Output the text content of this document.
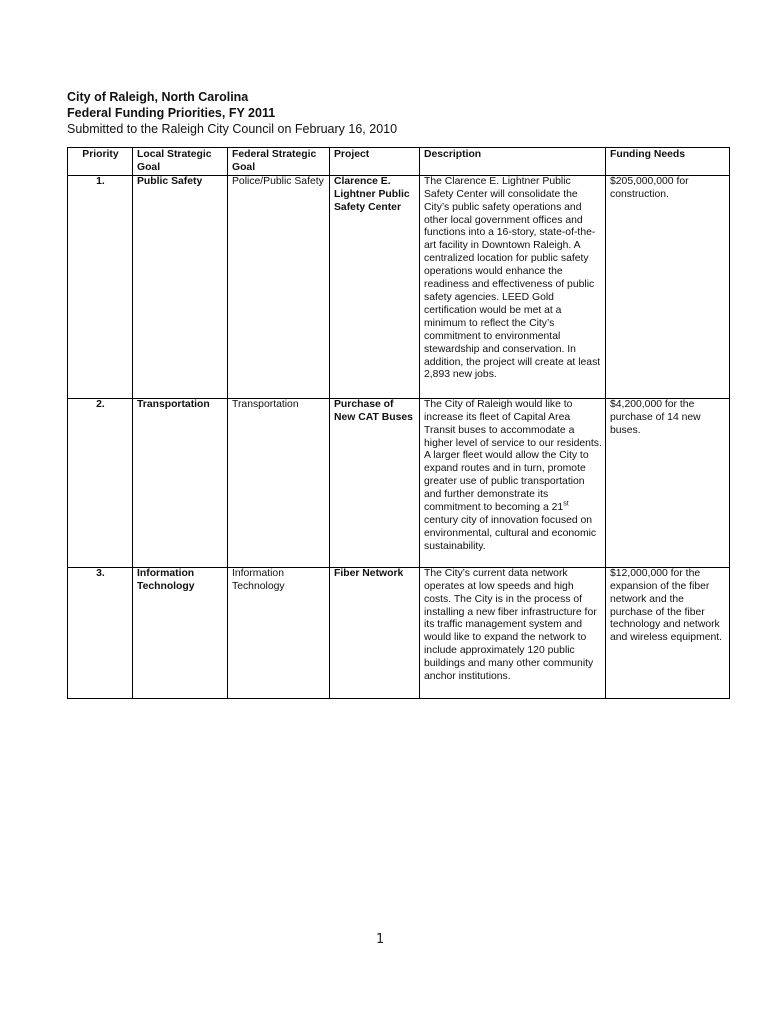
City of Raleigh, North Carolina
Federal Funding Priorities, FY 2011
Submitted to the Raleigh City Council on February 16, 2010
Priority	Local Strategic Goal	Federal Strategic Goal	Project	Description	Funding Needs
1.	Public Safety	Police/Public Safety	Clarence E. Lightner Public Safety Center	The Clarence E. Lightner Public Safety Center will consolidate the City’s public safety operations and other local government offices and functions into a 16-story, state-of-the-art facility in Downtown Raleigh. A centralized location for public safety operations would enhance the readiness and effectiveness of public safety agencies. LEED Gold certification would be met at a minimum to reflect the City’s commitment to environmental stewardship and conservation. In addition, the project will create at least 2,893 new jobs.	$205,000,000 for construction.
2.	Transportation	Transportation	Purchase of New CAT Buses	The City of Raleigh would like to increase its fleet of Capital Area Transit buses to accommodate a higher level of service to our residents. A larger fleet would allow the City to expand routes and in turn, promote greater use of public transportation and further demonstrate its commitment to becoming a 21st century city of innovation focused on environmental, cultural and economic sustainability.	$4,200,000 for the purchase of 14 new buses.
3.	Information Technology	Information Technology	Fiber Network	The City’s current data network operates at low speeds and high costs. The City is in the process of installing a new fiber infrastructure for its traffic management system and would like to expand the network to include approximately 120 public buildings and many other community anchor institutions.	$12,000,000 for the expansion of the fiber network and the purchase of the fiber technology and network and wireless equipment.
1
